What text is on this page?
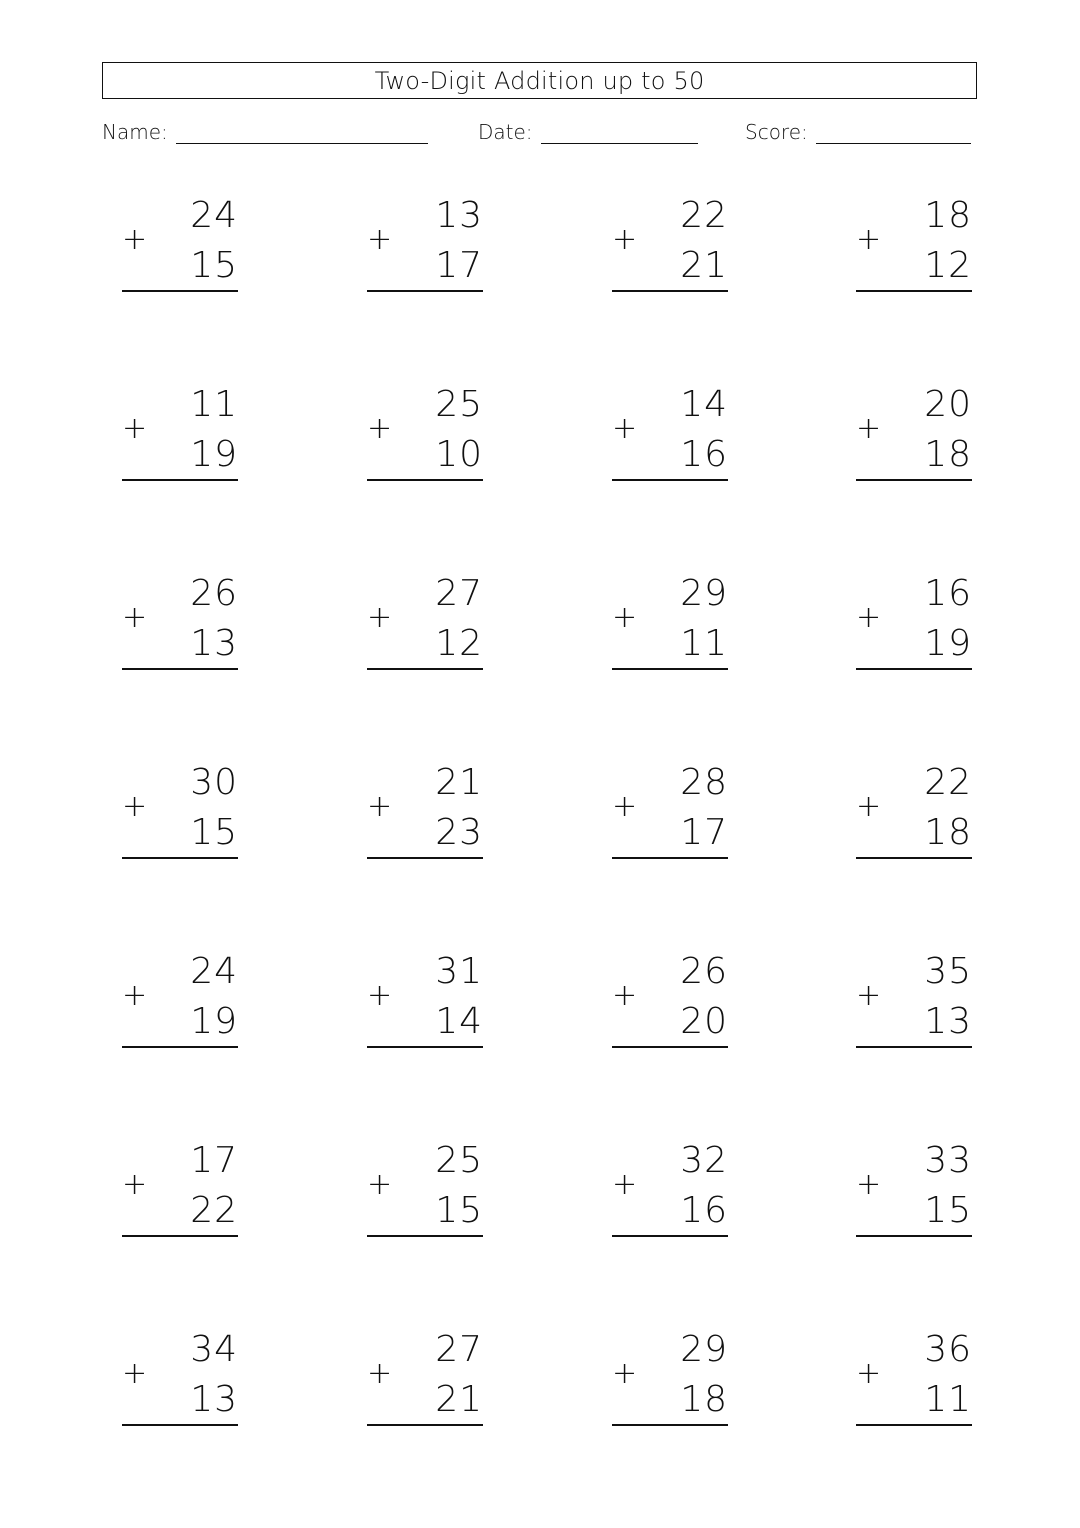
Two-Digit Addition up to 50
Name:	Date:	Score:
24
+
15
13
+
17
22
+
21
18
+
12
11
+
19
25
+
10
14
+
16
20
+
18
26
+
13
27
+
12
29
+
11
16
+
19
30
+
15
21
+
23
28
+
17
22
+
18
24
+
19
31
+
14
26
+
20
35
+
13
17
+
22
25
+
15
32
+
16
33
+
15
34
+
13
27
+
21
29
+
18
36
+
11
